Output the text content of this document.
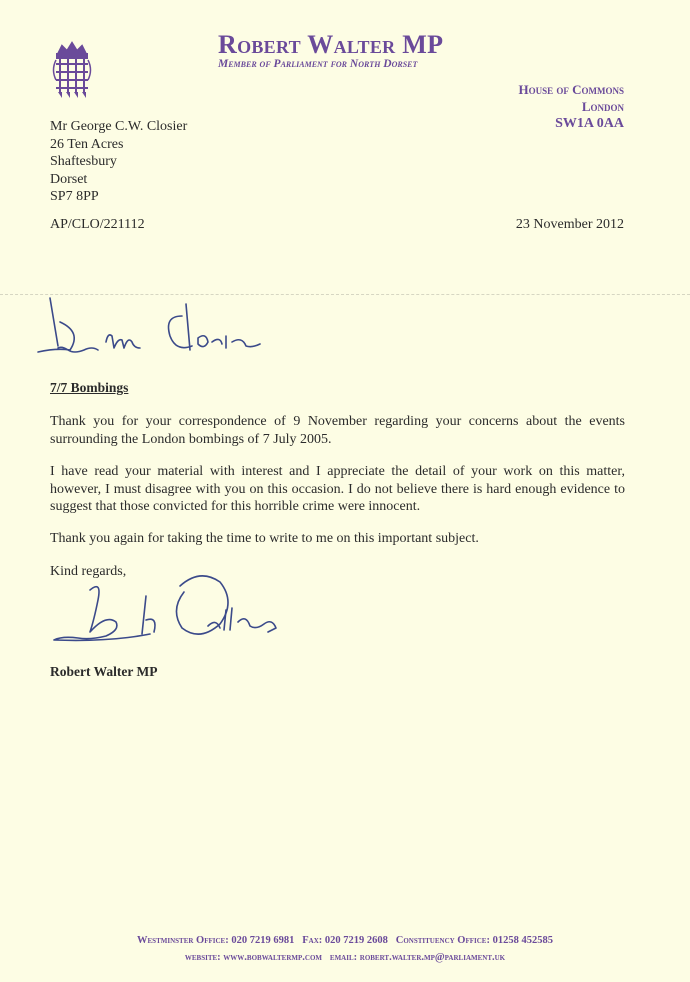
Robert Walter MP
Member of Parliament for North Dorset
House of Commons
London
SW1A 0AA
Mr George C.W. Closier
26 Ten Acres
Shaftesbury
Dorset
SP7 8PP
AP/CLO/221112	23 November 2012
7/7 Bombings

Thank you for your correspondence of 9 November regarding your concerns about the events surrounding the London bombings of 7 July 2005.

I have read your material with interest and I appreciate the detail of your work on this matter, however, I must disagree with you on this occasion. I do not believe there is hard enough evidence to suggest that those convicted for this horrible crime were innocent.

Thank you again for taking the time to write to me on this important subject.

Kind regards,
Robert Walter MP
Westminster Office: 020 7219 6981 Fax: 020 7219 2608 Constituency Office: 01258 452585
website: www.bobwaltermp.com email: robert.walter.mp@parliament.uk
